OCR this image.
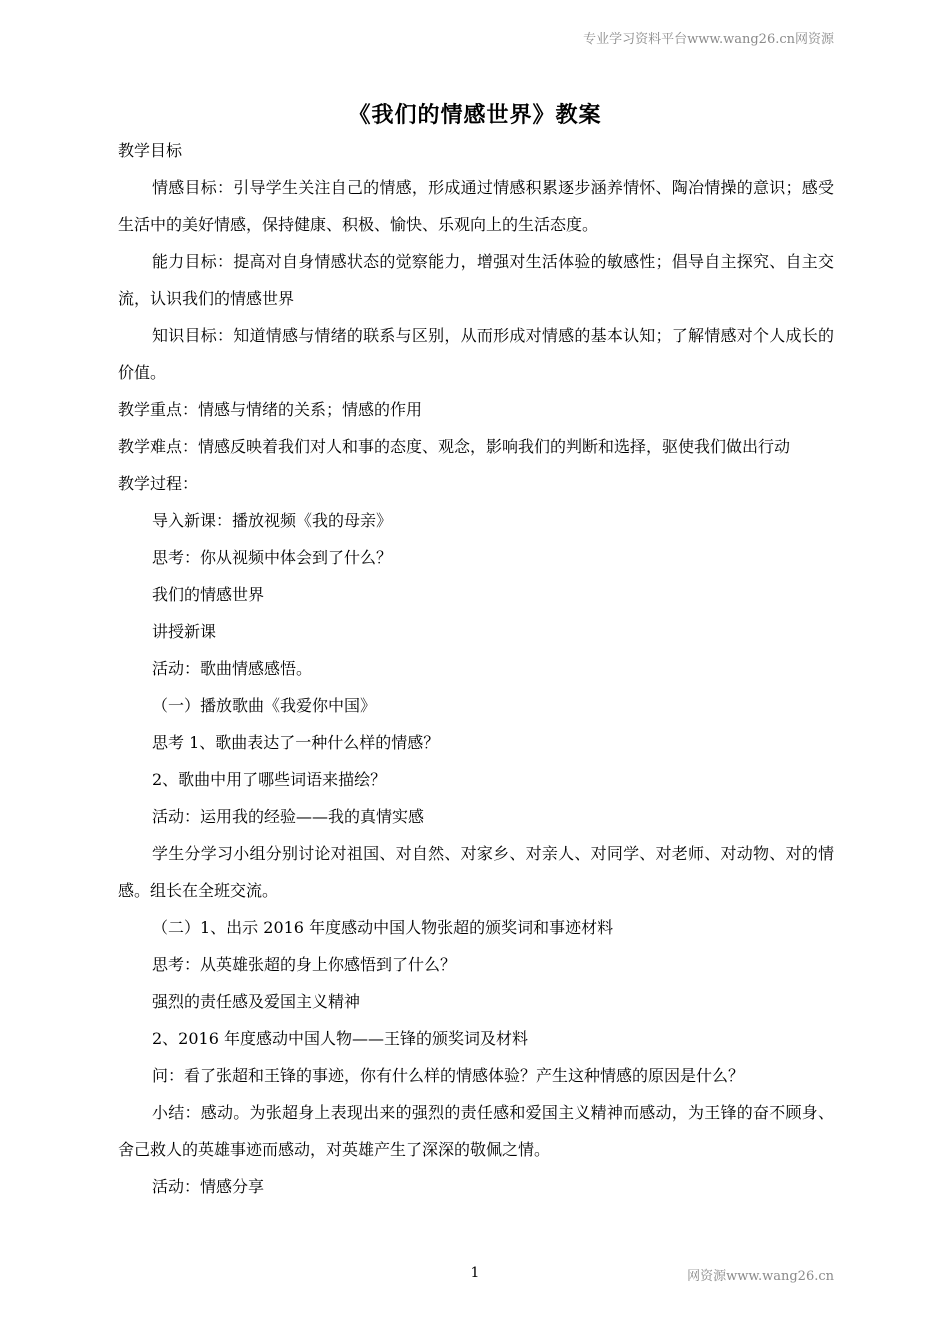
专业学习资料平台www.wang26.cn网资源
《我们的情感世界》教案

教学目标

情感目标：引导学生关注自己的情感，形成通过情感积累逐步涵养情怀、陶冶情操的意识；感受生活中的美好情感，保持健康、积极、愉快、乐观向上的生活态度。

能力目标：提高对自身情感状态的觉察能力，增强对生活体验的敏感性；倡导自主探究、自主交流，认识我们的情感世界

知识目标：知道情感与情绪的联系与区别，从而形成对情感的基本认知；了解情感对个人成长的价值。

教学重点：情感与情绪的关系；情感的作用

教学难点：情感反映着我们对人和事的态度、观念，影响我们的判断和选择，驱使我们做出行动

教学过程：

导入新课：播放视频《我的母亲》

思考：你从视频中体会到了什么？

我们的情感世界

讲授新课

活动：歌曲情感感悟。

（一）播放歌曲《我爱你中国》

思考 1、歌曲表达了一种什么样的情感？

2、歌曲中用了哪些词语来描绘？

活动：运用我的经验——我的真情实感

学生分学习小组分别讨论对祖国、对自然、对家乡、对亲人、对同学、对老师、对动物、对的情感。组长在全班交流。

（二）1、出示 2016 年度感动中国人物张超的颁奖词和事迹材料

思考：从英雄张超的身上你感悟到了什么？

强烈的责任感及爱国主义精神

2、2016 年度感动中国人物——王锋的颁奖词及材料

问：看了张超和王锋的事迹，你有什么样的情感体验？产生这种情感的原因是什么？

小结：感动。为张超身上表现出来的强烈的责任感和爱国主义精神而感动，为王锋的奋不顾身、舍己救人的英雄事迹而感动，对英雄产生了深深的敬佩之情。

活动：情感分享

1	网资源www.wang26.cn
